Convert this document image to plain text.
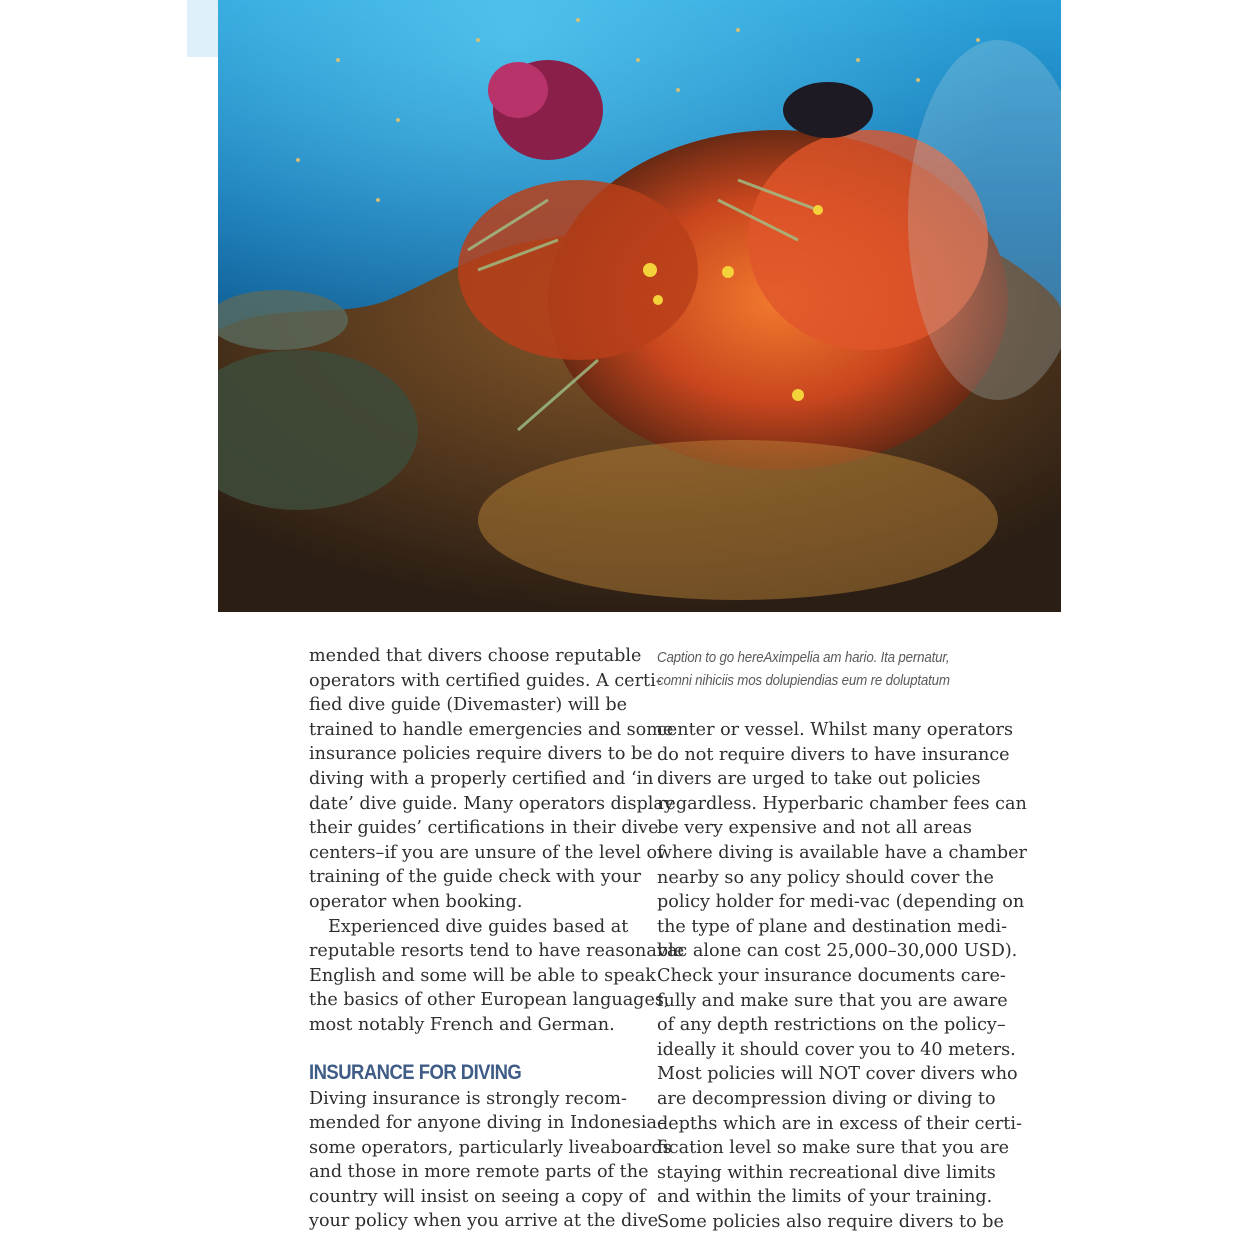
mended that divers choose reputable
operators with certified guides. A certi-
fied dive guide (Divemaster) will be
trained to handle emergencies and some
insurance policies require divers to be
diving with a properly certified and ‘in
date’ dive guide. Many operators display
their guides’ certifications in their dive
centers–if you are unsure of the level of
training of the guide check with your
operator when booking.
Experienced dive guides based at
reputable resorts tend to have reasonable
English and some will be able to speak
the basics of other European languages,
most notably French and German.
INSURANCE FOR DIVING
Diving insurance is strongly recom-
mended for anyone diving in Indonesia–
some operators, particularly liveaboards
and those in more remote parts of the
country will insist on seeing a copy of
your policy when you arrive at the dive
Caption to go hereAximpelia am hario. Ita pernatur,
comni nihiciis mos dolupiendias eum re doluptatum
center or vessel. Whilst many operators
do not require divers to have insurance
divers are urged to take out policies
regardless. Hyperbaric chamber fees can
be very expensive and not all areas
where diving is available have a chamber
nearby so any policy should cover the
policy holder for medi-vac (depending on
the type of plane and destination medi-
vac alone can cost 25,000–30,000 USD).
Check your insurance documents care-
fully and make sure that you are aware
of any depth restrictions on the policy–
ideally it should cover you to 40 meters.
Most policies will NOT cover divers who
are decompression diving or diving to
depths which are in excess of their certi-
fication level so make sure that you are
staying within recreational dive limits
and within the limits of your training.
Some policies also require divers to be
